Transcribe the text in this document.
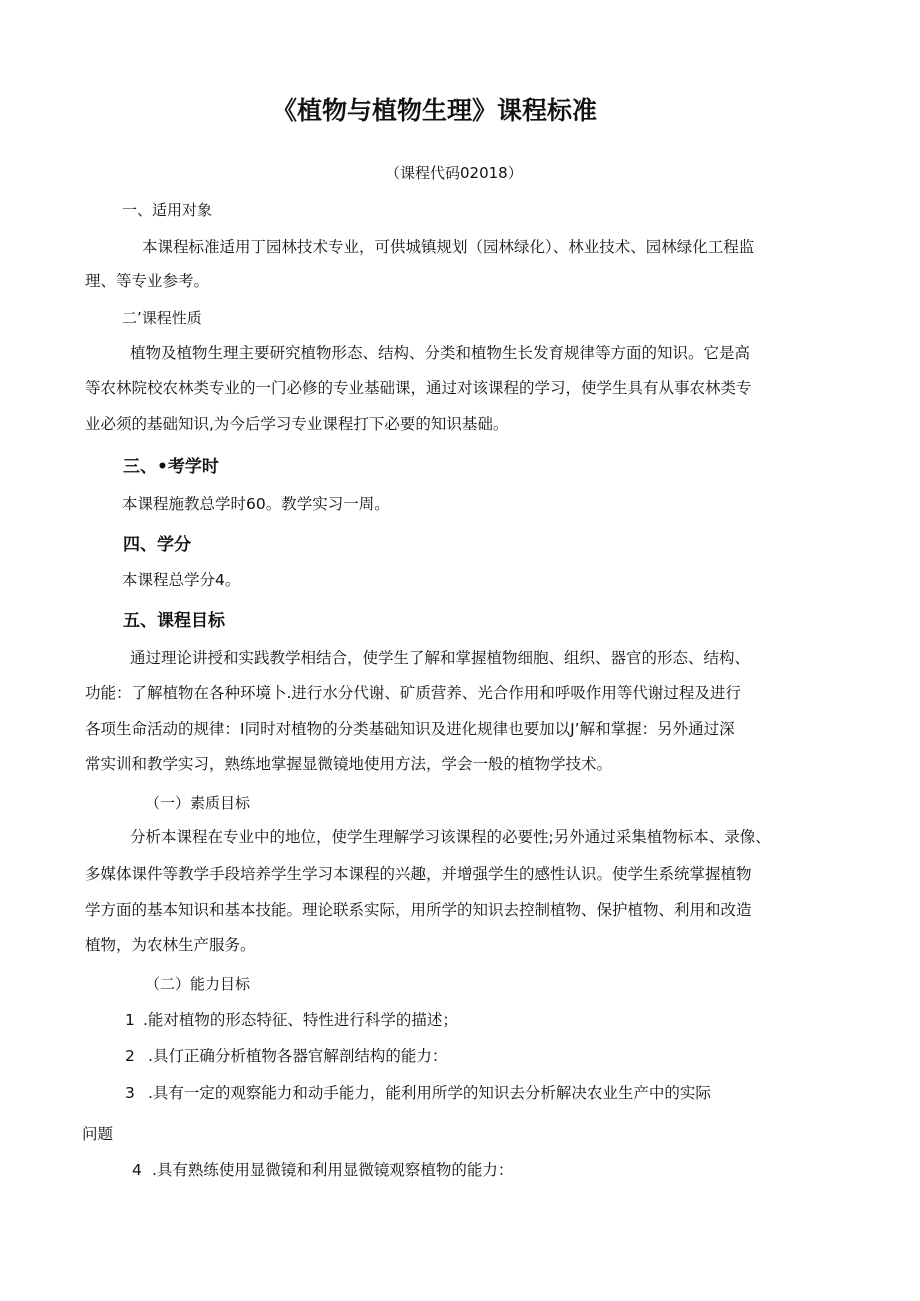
《植物与植物生理》课程标准
（课程代码02018）
一、适用对象
本课程标准适用丁园林技术专业，可供城镇规划（园林绿化）、林业技术、园林绿化工程监
理、等专业参考。
二’课程性质
植物及植物生理主要研究植物形态、结构、分类和植物生长发育规律等方面的知识。它是高
等农林院校农林类专业的一门必修的专业基础课，通过对该课程的学习，使学生具有从事农林类专
业必须的基础知识,为今后学习专业课程打下必要的知识基础。
三、•考学时
本课程施教总学时60。教学实习一周。
四、学分
本课程总学分4。
五、课程目标
通过理论讲授和实践教学相结合，使学生了解和掌握植物细胞、组织、器官的形态、结构、
功能：了解植物在各种环境卜.进行水分代谢、矿质营养、光合作用和呼吸作用等代谢过程及进行
各项生命活动的规律：I同时对植物的分类基础知识及进化规律也要加以J’解和掌握：另外通过深
常实训和教学实习，熟练地掌握显微镜地使用方法，学会一般的植物学技术。
（一）素质目标
分析本课程在专业中的地位，使学生理解学习该课程的必要性;另外通过采集植物标本、录像、
多媒体课件等教学手段培养学生学习本课程的兴趣，并增强学生的感性认识。使学生系统掌握植物
学方面的基本知识和基本技能。理论联系实际，用所学的知识去控制植物、保护植物、利用和改造
植物，为农林生产服务。
（二）能力目标
1 .能对植物的形态特征、特性进行科学的描述；
2 .具仃正确分析植物各器官解剖结构的能力：
3 .具有一定的观察能力和动手能力，能利用所学的知识去分析解决农业生产中的实际
问题
4 .具有熟练使用显微镜和利用显微镜观察植物的能力：
